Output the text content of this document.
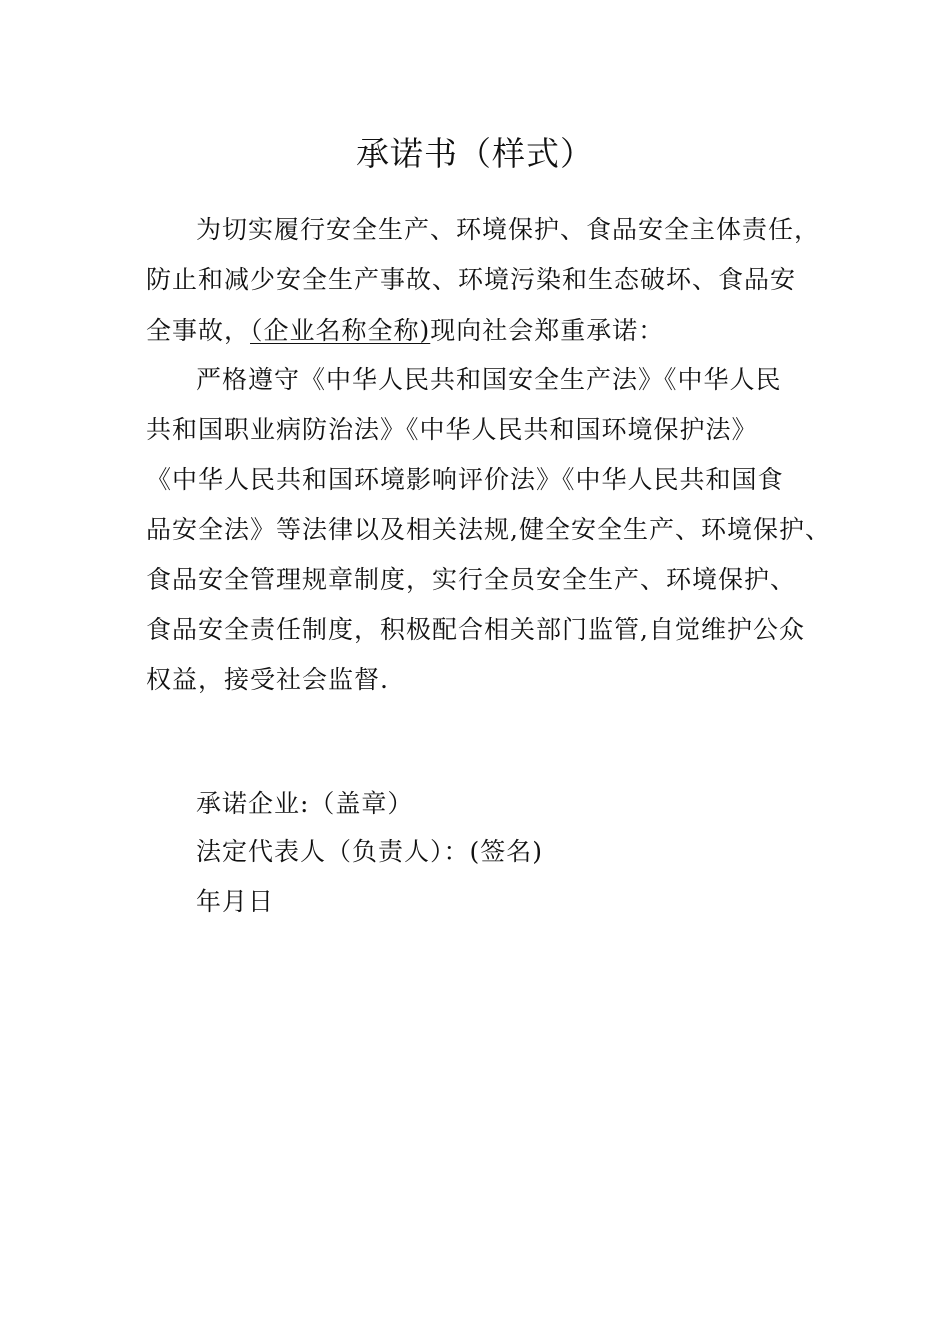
承诺书（样式）
为切实履行安全生产、环境保护、食品安全主体责任，
防止和减少安全生产事故、环境污染和生态破坏、食品安
全事故，（企业名称全称)现向社会郑重承诺：
严格遵守《中华人民共和国安全生产法》《中华人民
共和国职业病防治法》《中华人民共和国环境保护法》
《中华人民共和国环境影响评价法》《中华人民共和国食
品安全法》等法律以及相关法规,健全安全生产、环境保护、
食品安全管理规章制度，实行全员安全生产、环境保护、
食品安全责任制度，积极配合相关部门监管,自觉维护公众
权益，接受社会监督.
承诺企业:（盖章）
法定代表人（负责人）：(签名)
年月日
